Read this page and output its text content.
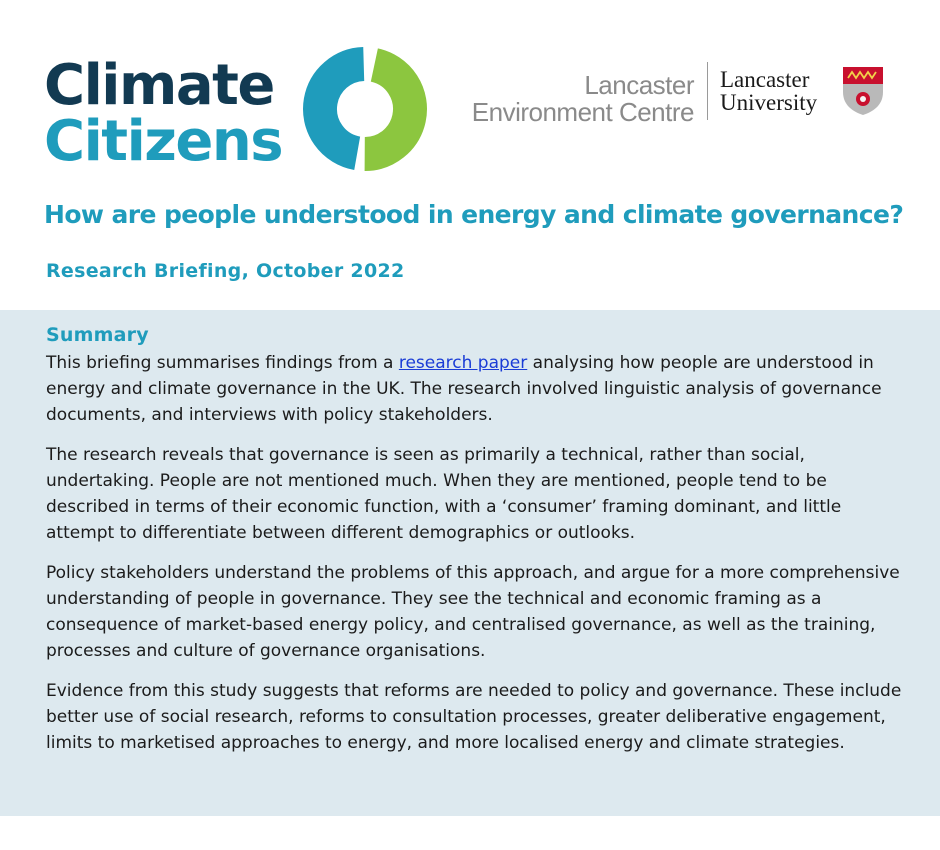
Climate
Citizens
Lancaster
Environment Centre
Lancaster
University
How are people understood in energy and climate governance?
Research Briefing, October 2022
Summary

This briefing summarises findings from a research paper analysing how people are understood in energy and climate governance in the UK. The research involved linguistic analysis of governance documents, and interviews with policy stakeholders.

The research reveals that governance is seen as primarily a technical, rather than social, undertaking. People are not mentioned much. When they are mentioned, people tend to be described in terms of their economic function, with a ‘consumer’ framing dominant, and little attempt to differentiate between different demographics or outlooks.

Policy stakeholders understand the problems of this approach, and argue for a more comprehensive understanding of people in governance. They see the technical and economic framing as a consequence of market-based energy policy, and centralised governance, as well as the training, processes and culture of governance organisations.

Evidence from this study suggests that reforms are needed to policy and governance. These include better use of social research, reforms to consultation processes, greater deliberative engagement, limits to marketised approaches to energy, and more localised energy and climate strategies.
